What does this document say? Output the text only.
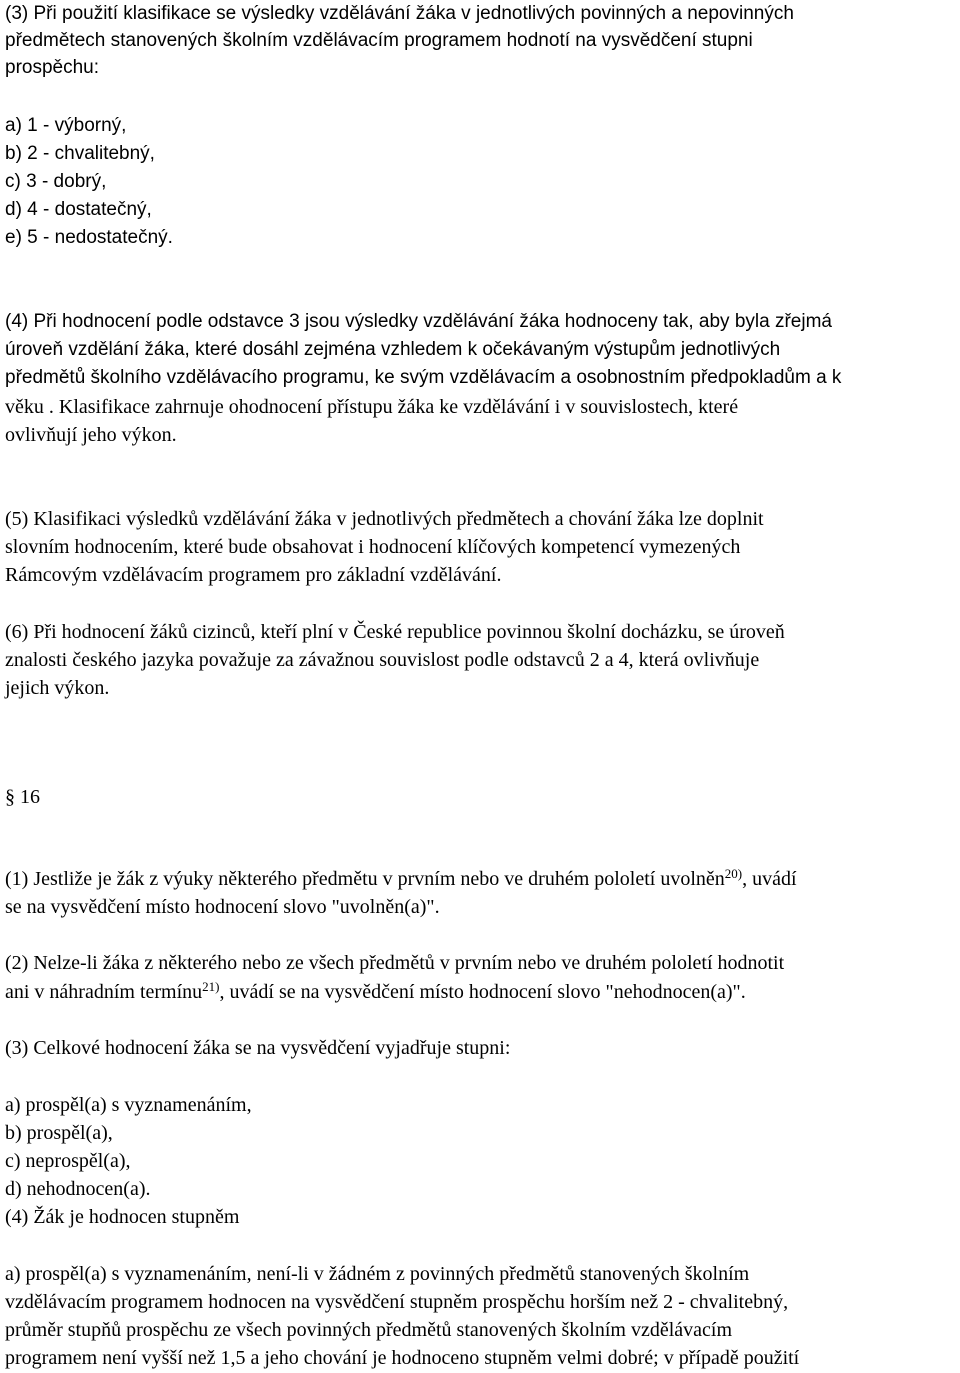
(3) Při použití klasifikace se výsledky vzdělávání žáka v jednotlivých povinných a nepovinných
předmětech stanovených školním vzdělávacím programem hodnotí na vysvědčení stupni
prospěchu:
a) 1 - výborný,
b) 2 - chvalitebný,
c) 3 - dobrý,
d) 4 - dostatečný,
e) 5 - nedostatečný.
(4) Při hodnocení podle odstavce 3 jsou výsledky vzdělávání žáka hodnoceny tak, aby byla zřejmá
úroveň vzdělání žáka, které dosáhl zejména vzhledem k očekávaným výstupům jednotlivých
předmětů školního vzdělávacího programu, ke svým vzdělávacím a osobnostním předpokladům a k
věku . Klasifikace zahrnuje ohodnocení přístupu žáka ke vzdělávání i v souvislostech, které
ovlivňují jeho výkon.
(5) Klasifikaci výsledků vzdělávání žáka v jednotlivých předmětech a chování žáka lze doplnit
slovním hodnocením, které bude obsahovat i hodnocení klíčových kompetencí vymezených
Rámcovým vzdělávacím programem pro základní vzdělávání.
(6) Při hodnocení žáků cizinců, kteří plní v České republice povinnou školní docházku, se úroveň
znalosti českého jazyka považuje za závažnou souvislost podle odstavců 2 a 4, která ovlivňuje
jejich výkon.
§ 16
(1) Jestliže je žák z výuky některého předmětu v prvním nebo ve druhém pololetí uvolněn$^{20)}$, uvádí
se na vysvědčení místo hodnocení slovo "uvolněn(a)".
(2) Nelze-li žáka z některého nebo ze všech předmětů v prvním nebo ve druhém pololetí hodnotit
ani v náhradním termínu$^{21)}$, uvádí se na vysvědčení místo hodnocení slovo "nehodnocen(a)".
(3) Celkové hodnocení žáka se na vysvědčení vyjadřuje stupni:
a) prospěl(a) s vyznamenáním,
b) prospěl(a),
c) neprospěl(a),
d) nehodnocen(a).
(4) Žák je hodnocen stupněm
a) prospěl(a) s vyznamenáním, není-li v žádném z povinných předmětů stanovených školním
vzdělávacím programem hodnocen na vysvědčení stupněm prospěchu horším než 2 - chvalitebný,
průměr stupňů prospěchu ze všech povinných předmětů stanovených školním vzdělávacím
programem není vyšší než 1,5 a jeho chování je hodnoceno stupněm velmi dobré; v případě použití
